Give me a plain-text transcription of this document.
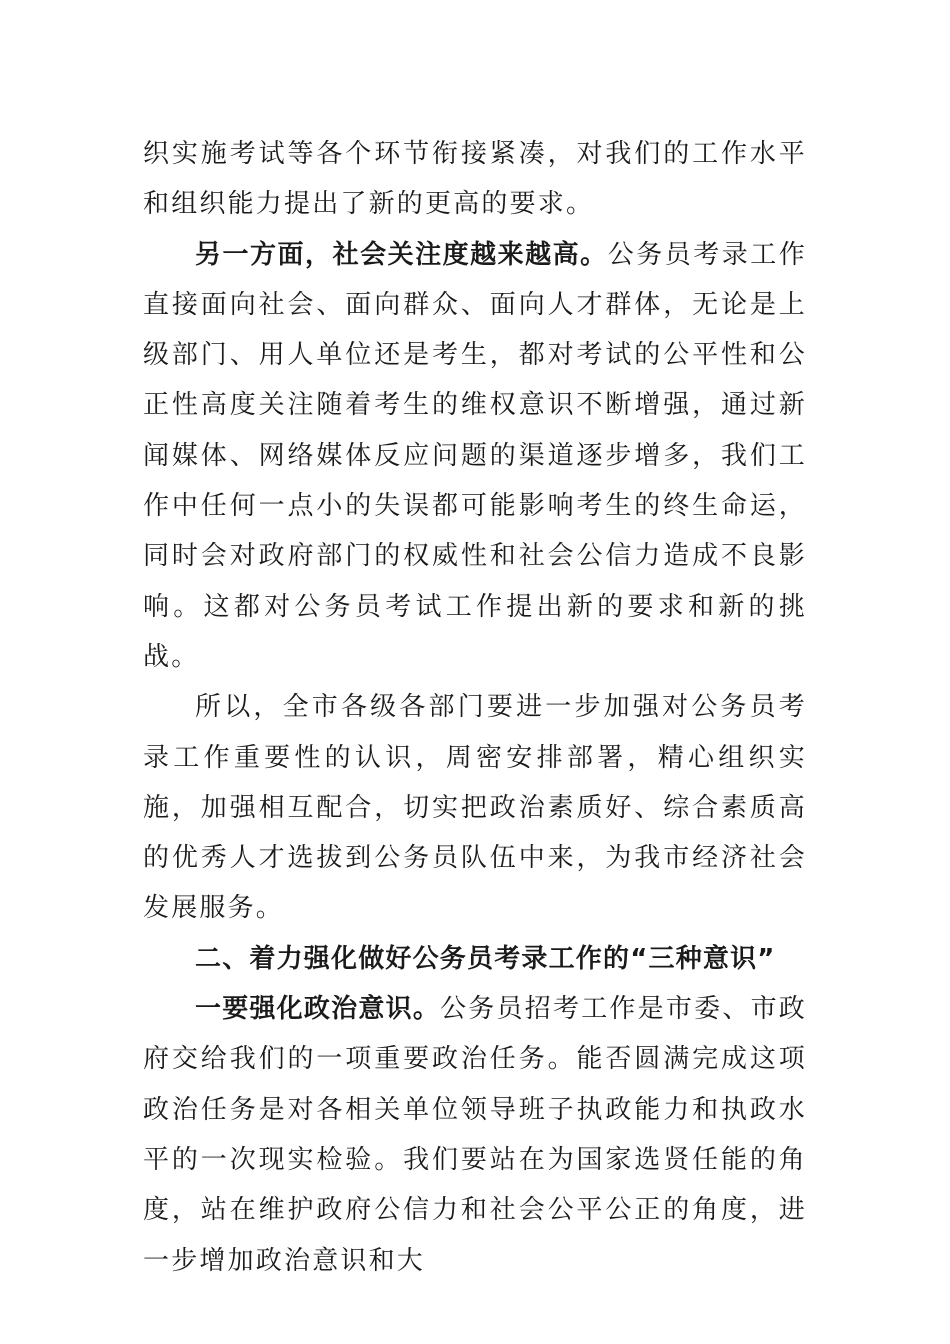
织实施考试等各个环节衔接紧凑，对我们的工作水平和组织能力提出了新的更高的要求。

另一方面，社会关注度越来越高。公务员考录工作直接面向社会、面向群众、面向人才群体，无论是上级部门、用人单位还是考生，都对考试的公平性和公正性高度关注随着考生的维权意识不断增强，通过新闻媒体、网络媒体反应问题的渠道逐步增多，我们工作中任何一点小的失误都可能影响考生的终生命运，同时会对政府部门的权威性和社会公信力造成不良影响。这都对公务员考试工作提出新的要求和新的挑战。

所以，全市各级各部门要进一步加强对公务员考录工作重要性的认识，周密安排部署，精心组织实施，加强相互配合，切实把政治素质好、综合素质高的优秀人才选拔到公务员队伍中来，为我市经济社会发展服务。

二、着力强化做好公务员考录工作的“三种意识”

一要强化政治意识。公务员招考工作是市委、市政府交给我们的一项重要政治任务。能否圆满完成这项政治任务是对各相关单位领导班子执政能力和执政水平的一次现实检验。我们要站在为国家选贤任能的角度，站在维护政府公信力和社会公平公正的角度，进一步增加政治意识和大
